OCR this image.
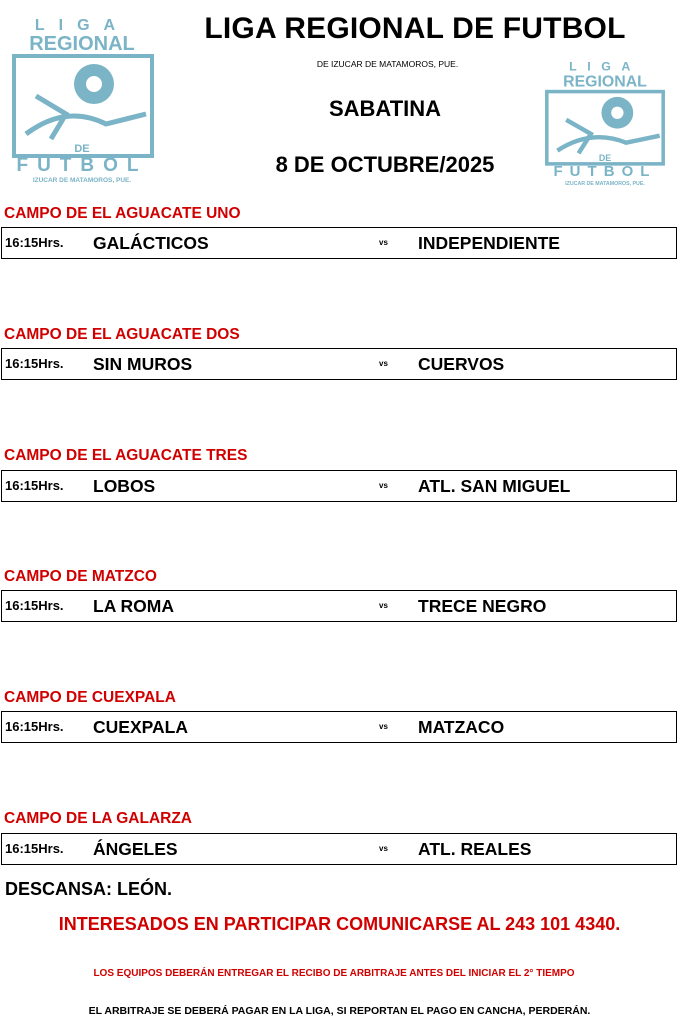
LIGA
REGIONAL
DE
FUTBOL
IZUCAR DE MATAMOROS, PUE.
LIGA
REGIONAL
DE
FUTBOL
IZUCAR DE MATAMOROS, PUE.
LIGA REGIONAL DE FUTBOL
DE IZUCAR DE MATAMOROS, PUE.
SABATINA
8 DE OCTUBRE/2025
CAMPO DE EL AGUACATE UNO
16:15Hrs. GALÁCTICOS	vs INDEPENDIENTE
CAMPO DE EL AGUACATE DOS
16:15Hrs. SIN MUROS	vs CUERVOS
CAMPO DE EL AGUACATE TRES
16:15Hrs. LOBOS	vs ATL. SAN MIGUEL
CAMPO DE MATZCO
16:15Hrs. LA ROMA	vs TRECE NEGRO
CAMPO DE CUEXPALA
16:15Hrs. CUEXPALA	vs MATZACO
CAMPO DE LA GALARZA
16:15Hrs. ÁNGELES	vs ATL. REALES
DESCANSA: LEÓN.
INTERESADOS EN PARTICIPAR COMUNICARSE AL 243 101 4340.
LOS EQUIPOS DEBERÁN ENTREGAR EL RECIBO DE ARBITRAJE ANTES DEL INICIAR EL 2° TIEMPO
EL ARBITRAJE SE DEBERÁ PAGAR EN LA LIGA, SI REPORTAN EL PAGO EN CANCHA, PERDERÁN.
